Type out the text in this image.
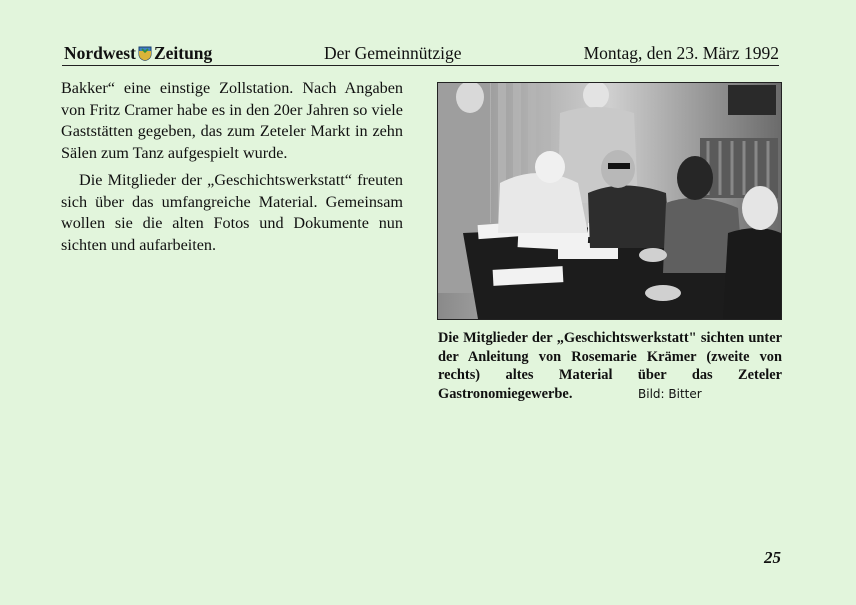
Nordwest Zeitung	Der Gemeinnützige	Montag, den 23. März 1992

Bakker“ eine einstige Zollstation. Nach Angaben von Fritz Cramer habe es in den 20er Jahren so viele Gaststätten gegeben, das zum Zeteler Markt in zehn Sälen zum Tanz aufgespielt wurde.

Die Mitglieder der „Geschichtswerkstatt“ freuten sich über das umfangreiche Material. Gemeinsam wollen sie die alten Fotos und Dokumente nun sichten und aufarbeiten.

Die Mitglieder der „Geschichtswerkstatt" sichten unter der Anleitung von Rosemarie Krämer (zweite von rechts) altes Material über das Zeteler Gastronomiegewerbe.	Bild: Bitter
25
